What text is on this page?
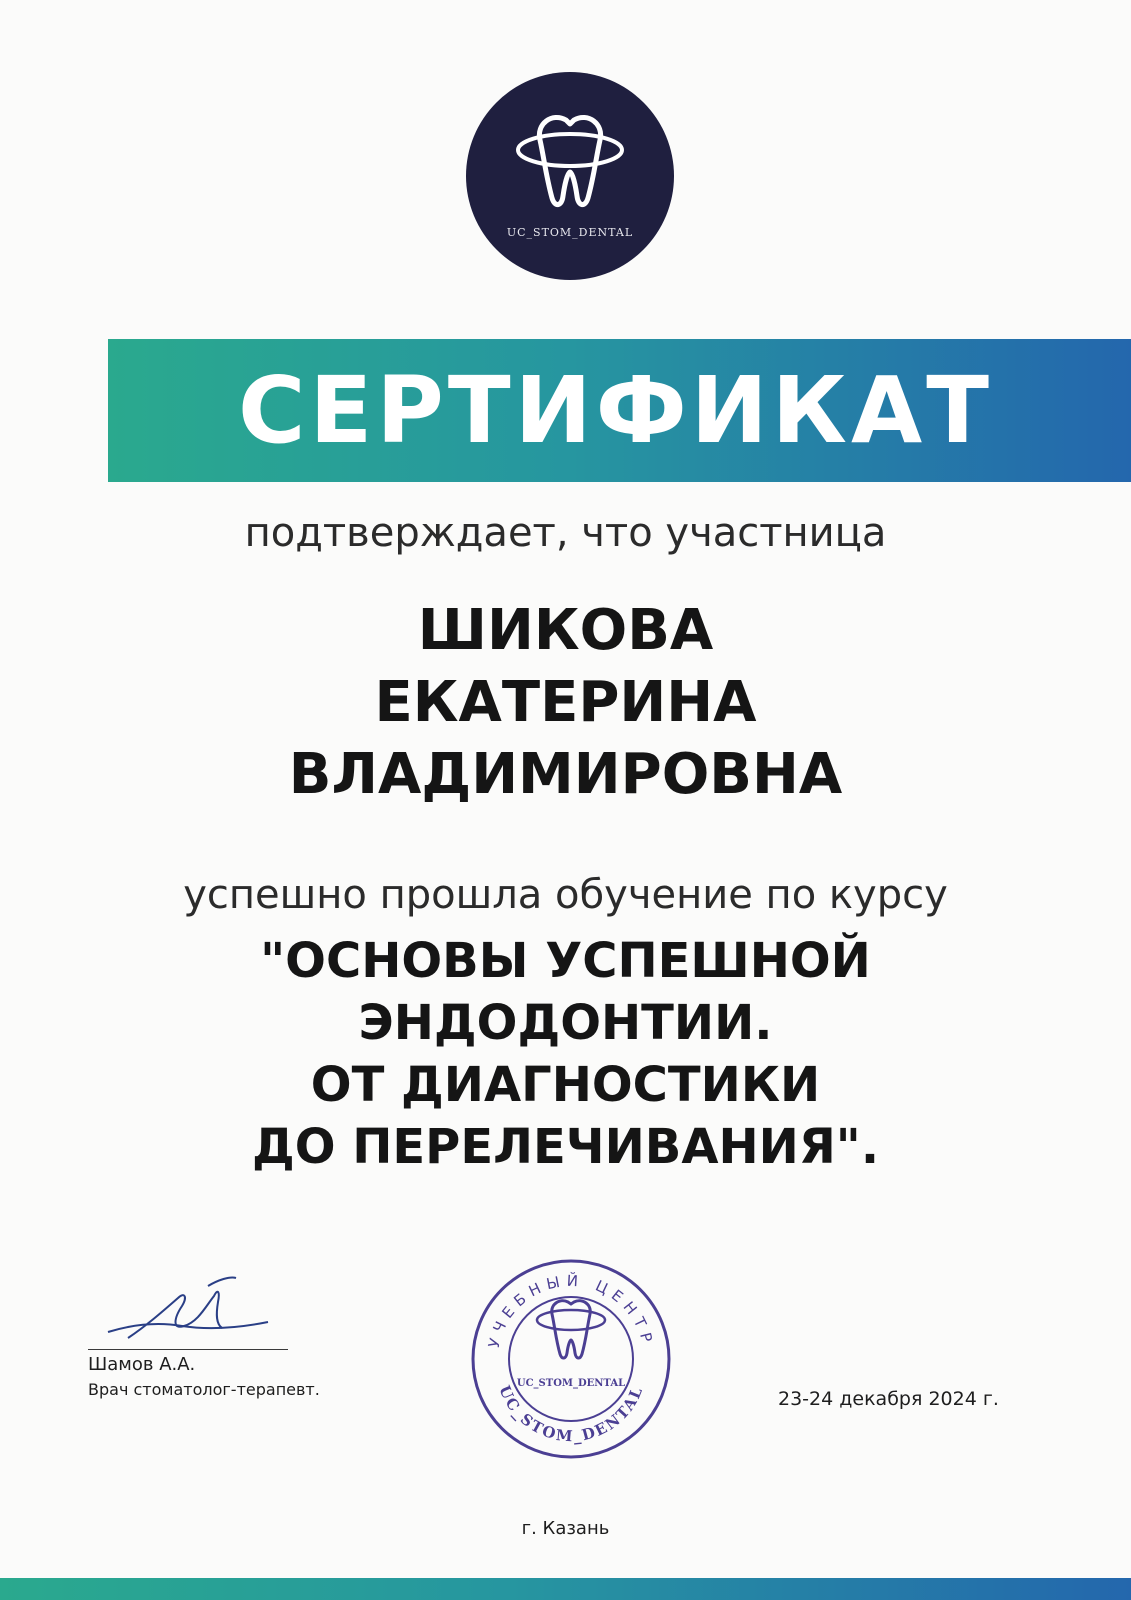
UC_STOM_DENTAL
СЕРТИФИКАТ
подтверждает, что участница
ШИКОВА
ЕКАТЕРИНА
ВЛАДИМИРОВНА
успешно прошла обучение по курсу
"ОСНОВЫ УСПЕШНОЙ
ЭНДОДОНТИИ.
ОТ ДИАГНОСТИКИ
ДО ПЕРЕЛЕЧИВАНИЯ".
Шамов А.А.
Врач стоматолог-терапевт.
УЧЕБНЫЙ ЦЕНТР
UC_STOM_DENTAL
UC_STOM_DENTAL
23-24 декабря 2024 г.
г. Казань
